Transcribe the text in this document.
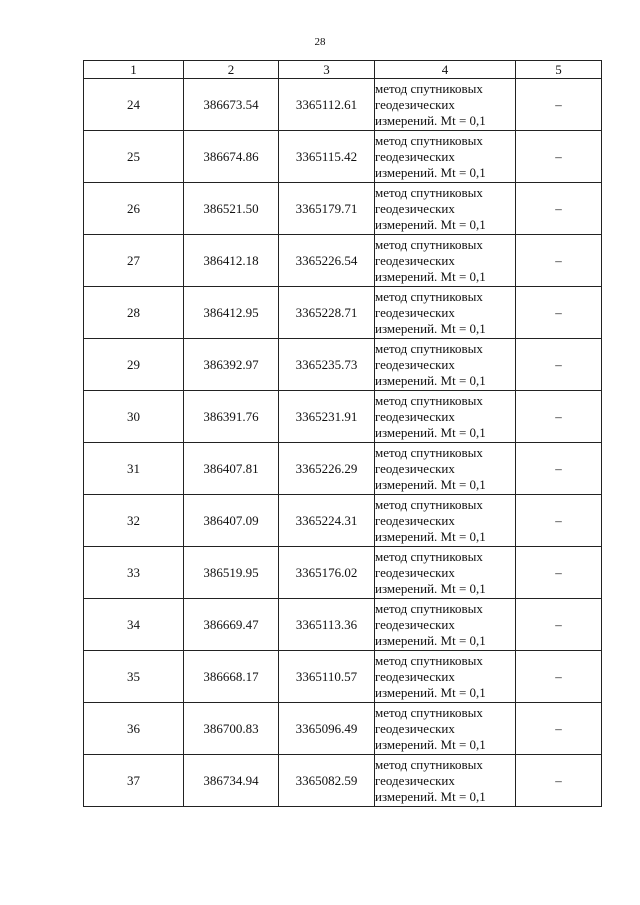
28
1	2	3	4	5
24	386673.54	3365112.61	метод спутниковых
геодезических
измерений. Mt = 0,1	–
25	386674.86	3365115.42	метод спутниковых
геодезических
измерений. Mt = 0,1	–
26	386521.50	3365179.71	метод спутниковых
геодезических
измерений. Mt = 0,1	–
27	386412.18	3365226.54	метод спутниковых
геодезических
измерений. Mt = 0,1	–
28	386412.95	3365228.71	метод спутниковых
геодезических
измерений. Mt = 0,1	–
29	386392.97	3365235.73	метод спутниковых
геодезических
измерений. Mt = 0,1	–
30	386391.76	3365231.91	метод спутниковых
геодезических
измерений. Mt = 0,1	–
31	386407.81	3365226.29	метод спутниковых
геодезических
измерений. Mt = 0,1	–
32	386407.09	3365224.31	метод спутниковых
геодезических
измерений. Mt = 0,1	–
33	386519.95	3365176.02	метод спутниковых
геодезических
измерений. Mt = 0,1	–
34	386669.47	3365113.36	метод спутниковых
геодезических
измерений. Mt = 0,1	–
35	386668.17	3365110.57	метод спутниковых
геодезических
измерений. Mt = 0,1	–
36	386700.83	3365096.49	метод спутниковых
геодезических
измерений. Mt = 0,1	–
37	386734.94	3365082.59	метод спутниковых
геодезических
измерений. Mt = 0,1	–
